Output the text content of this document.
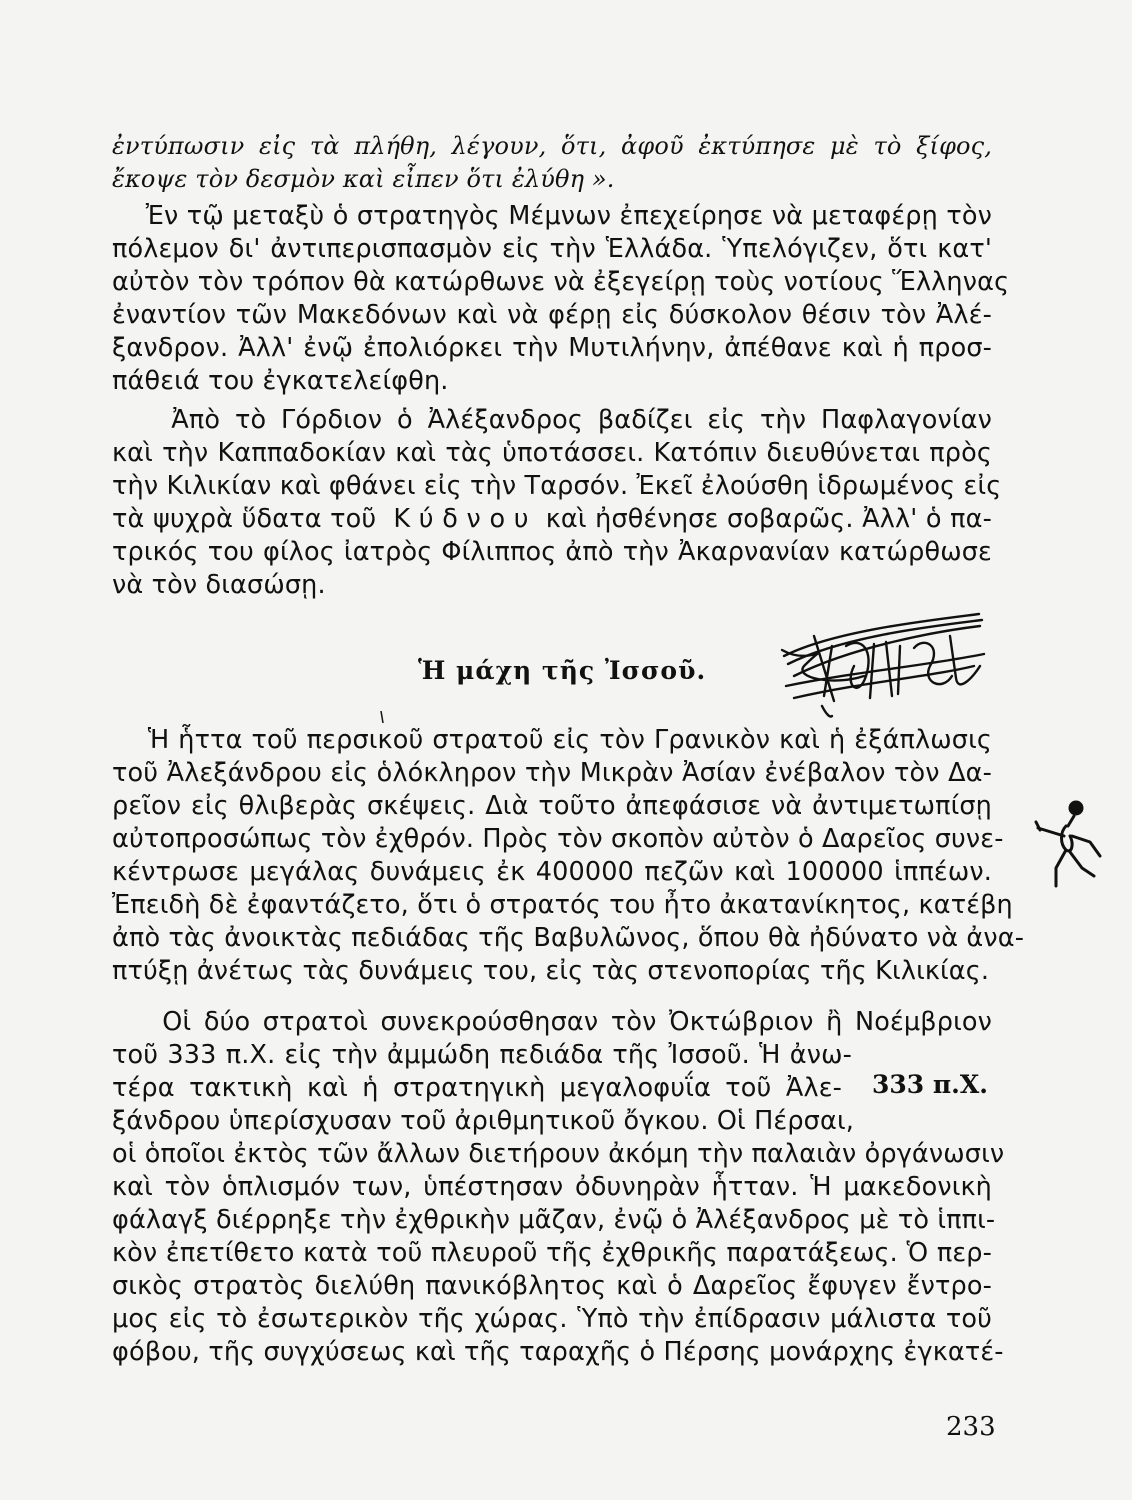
ἐντύπωσιν εἰς τὰ πλήθη, λέγουν, ὅτι, ἀφοῦ ἐκτύπησε μὲ τὸ ξίφος,
ἔκοψε τὸν δεσμὸν καὶ εἶπεν ὅτι ἐλύθη ».
Ἐν τῷ μεταξὺ ὁ στρατηγὸς Μέμνων ἐπεχείρησε νὰ μεταφέρῃ τὸν
πόλεμον δι' ἀντιπερισπασμὸν εἰς τὴν Ἑλλάδα. Ὑπελόγιζεν, ὅτι κατ'
αὐτὸν τὸν τρόπον θὰ κατώρθωνε νὰ ἐξεγείρῃ τοὺς νοτίους Ἕλληνας
ἐναντίον τῶν Μακεδόνων καὶ νὰ φέρῃ εἰς δύσκολον θέσιν τὸν Ἀλέ-
ξανδρον. Ἀλλ' ἐνῷ ἐπολιόρκει τὴν Μυτιλήνην, ἀπέθανε καὶ ἡ προσ-
πάθειά του ἐγκατελείφθη.
Ἀπὸ τὸ Γόρδιον ὁ Ἀλέξανδρος βαδίζει εἰς τὴν Παφλαγονίαν
καὶ τὴν Καππαδοκίαν καὶ τὰς ὑποτάσσει. Κατόπιν διευθύνεται πρὸς
τὴν Κιλικίαν καὶ φθάνει εἰς τὴν Ταρσόν. Ἐκεῖ ἐλούσθη ἱδρωμένος εἰς
τὰ ψυχρὰ ὕδατα τοῦ  Κ ύ δ ν ο υ  καὶ ἠσθένησε σοβαρῶς. Ἀλλ' ὁ πα-
τρικός του φίλος ἰατρὸς Φίλιππος ἀπὸ τὴν Ἀκαρνανίαν κατώρθωσε
νὰ τὸν διασώσῃ.
Ἡ μάχη τῆς Ἰσσοῦ.
Ἡ ἧττα τοῦ περσικοῦ στρατοῦ εἰς τὸν Γρανικὸν καὶ ἡ ἐξάπλωσις
τοῦ Ἀλεξάνδρου εἰς ὁλόκληρον τὴν Μικρὰν Ἀσίαν ἐνέβαλον τὸν Δα-
ρεῖον εἰς θλιβερὰς σκέψεις. Διὰ τοῦτο ἀπεφάσισε νὰ ἀντιμετωπίσῃ
αὐτοπροσώπως τὸν ἐχθρόν. Πρὸς τὸν σκοπὸν αὐτὸν ὁ Δαρεῖος συνε-
κέντρωσε μεγάλας δυνάμεις ἐκ 400000 πεζῶν καὶ 100000 ἱππέων.
Ἐπειδὴ δὲ ἐφαντάζετο, ὅτι ὁ στρατός του ἦτο ἀκατανίκητος, κατέβη
ἀπὸ τὰς ἀνοικτὰς πεδιάδας τῆς Βαβυλῶνος, ὅπου θὰ ἠδύνατο νὰ ἀνα-
πτύξῃ ἀνέτως τὰς δυνάμεις του, εἰς τὰς στενοπορίας τῆς Κιλικίας.
Οἱ δύο στρατοὶ συνεκρούσθησαν τὸν Ὀκτώβριον ἢ Νοέμβριον
τοῦ 333 π.Χ. εἰς τὴν ἀμμώδη πεδιάδα τῆς Ἰσσοῦ. Ἡ ἀνω-
τέρα τακτικὴ καὶ ἡ στρατηγικὴ μεγαλοφυΐα τοῦ Ἀλε-
ξάνδρου ὑπερίσχυσαν τοῦ ἀριθμητικοῦ ὄγκου. Οἱ Πέρσαι,
οἱ ὁποῖοι ἐκτὸς τῶν ἄλλων διετήρουν ἀκόμη τὴν παλαιὰν ὀργάνωσιν
καὶ τὸν ὁπλισμόν των, ὑπέστησαν ὀδυνηρὰν ἧτταν. Ἡ μακεδονικὴ
φάλαγξ διέρρηξε τὴν ἐχθρικὴν μᾶζαν, ἐνῷ ὁ Ἀλέξανδρος μὲ τὸ ἱππι-
κὸν ἐπετίθετο κατὰ τοῦ πλευροῦ τῆς ἐχθρικῆς παρατάξεως. Ὁ περ-
σικὸς στρατὸς διελύθη πανικόβλητος καὶ ὁ Δαρεῖος ἔφυγεν ἔντρο-
μος εἰς τὸ ἐσωτερικὸν τῆς χώρας. Ὑπὸ τὴν ἐπίδρασιν μάλιστα τοῦ
φόβου, τῆς συγχύσεως καὶ τῆς ταραχῆς ὁ Πέρσης μονάρχης ἐγκατέ-
333 π.Χ.
233
